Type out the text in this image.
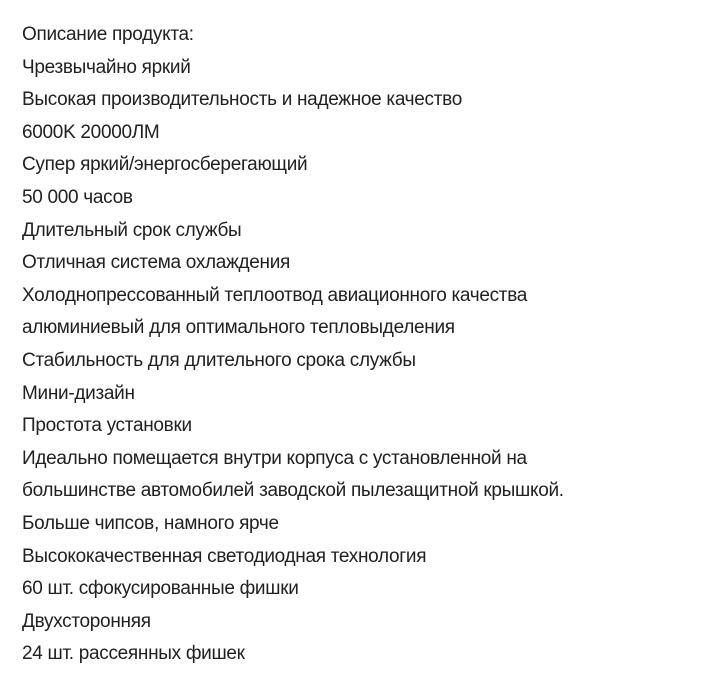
Описание продукта:
Чрезвычайно яркий
Высокая производительность и надежное качество
6000K 20000ЛМ
Супер яркий/энергосберегающий
50 000 часов
Длительный срок службы
Отличная система охлаждения
Холоднопрессованный теплоотвод авиационного качества
алюминиевый для оптимального тепловыделения
Стабильность для длительного срока службы
Мини-дизайн
Простота установки
Идеально помещается внутри корпуса с установленной на
большинстве автомобилей заводской пылезащитной крышкой.
Больше чипсов, намного ярче
Высококачественная светодиодная технология
60 шт. сфокусированные фишки
Двухсторонняя
24 шт. рассеянных фишек
